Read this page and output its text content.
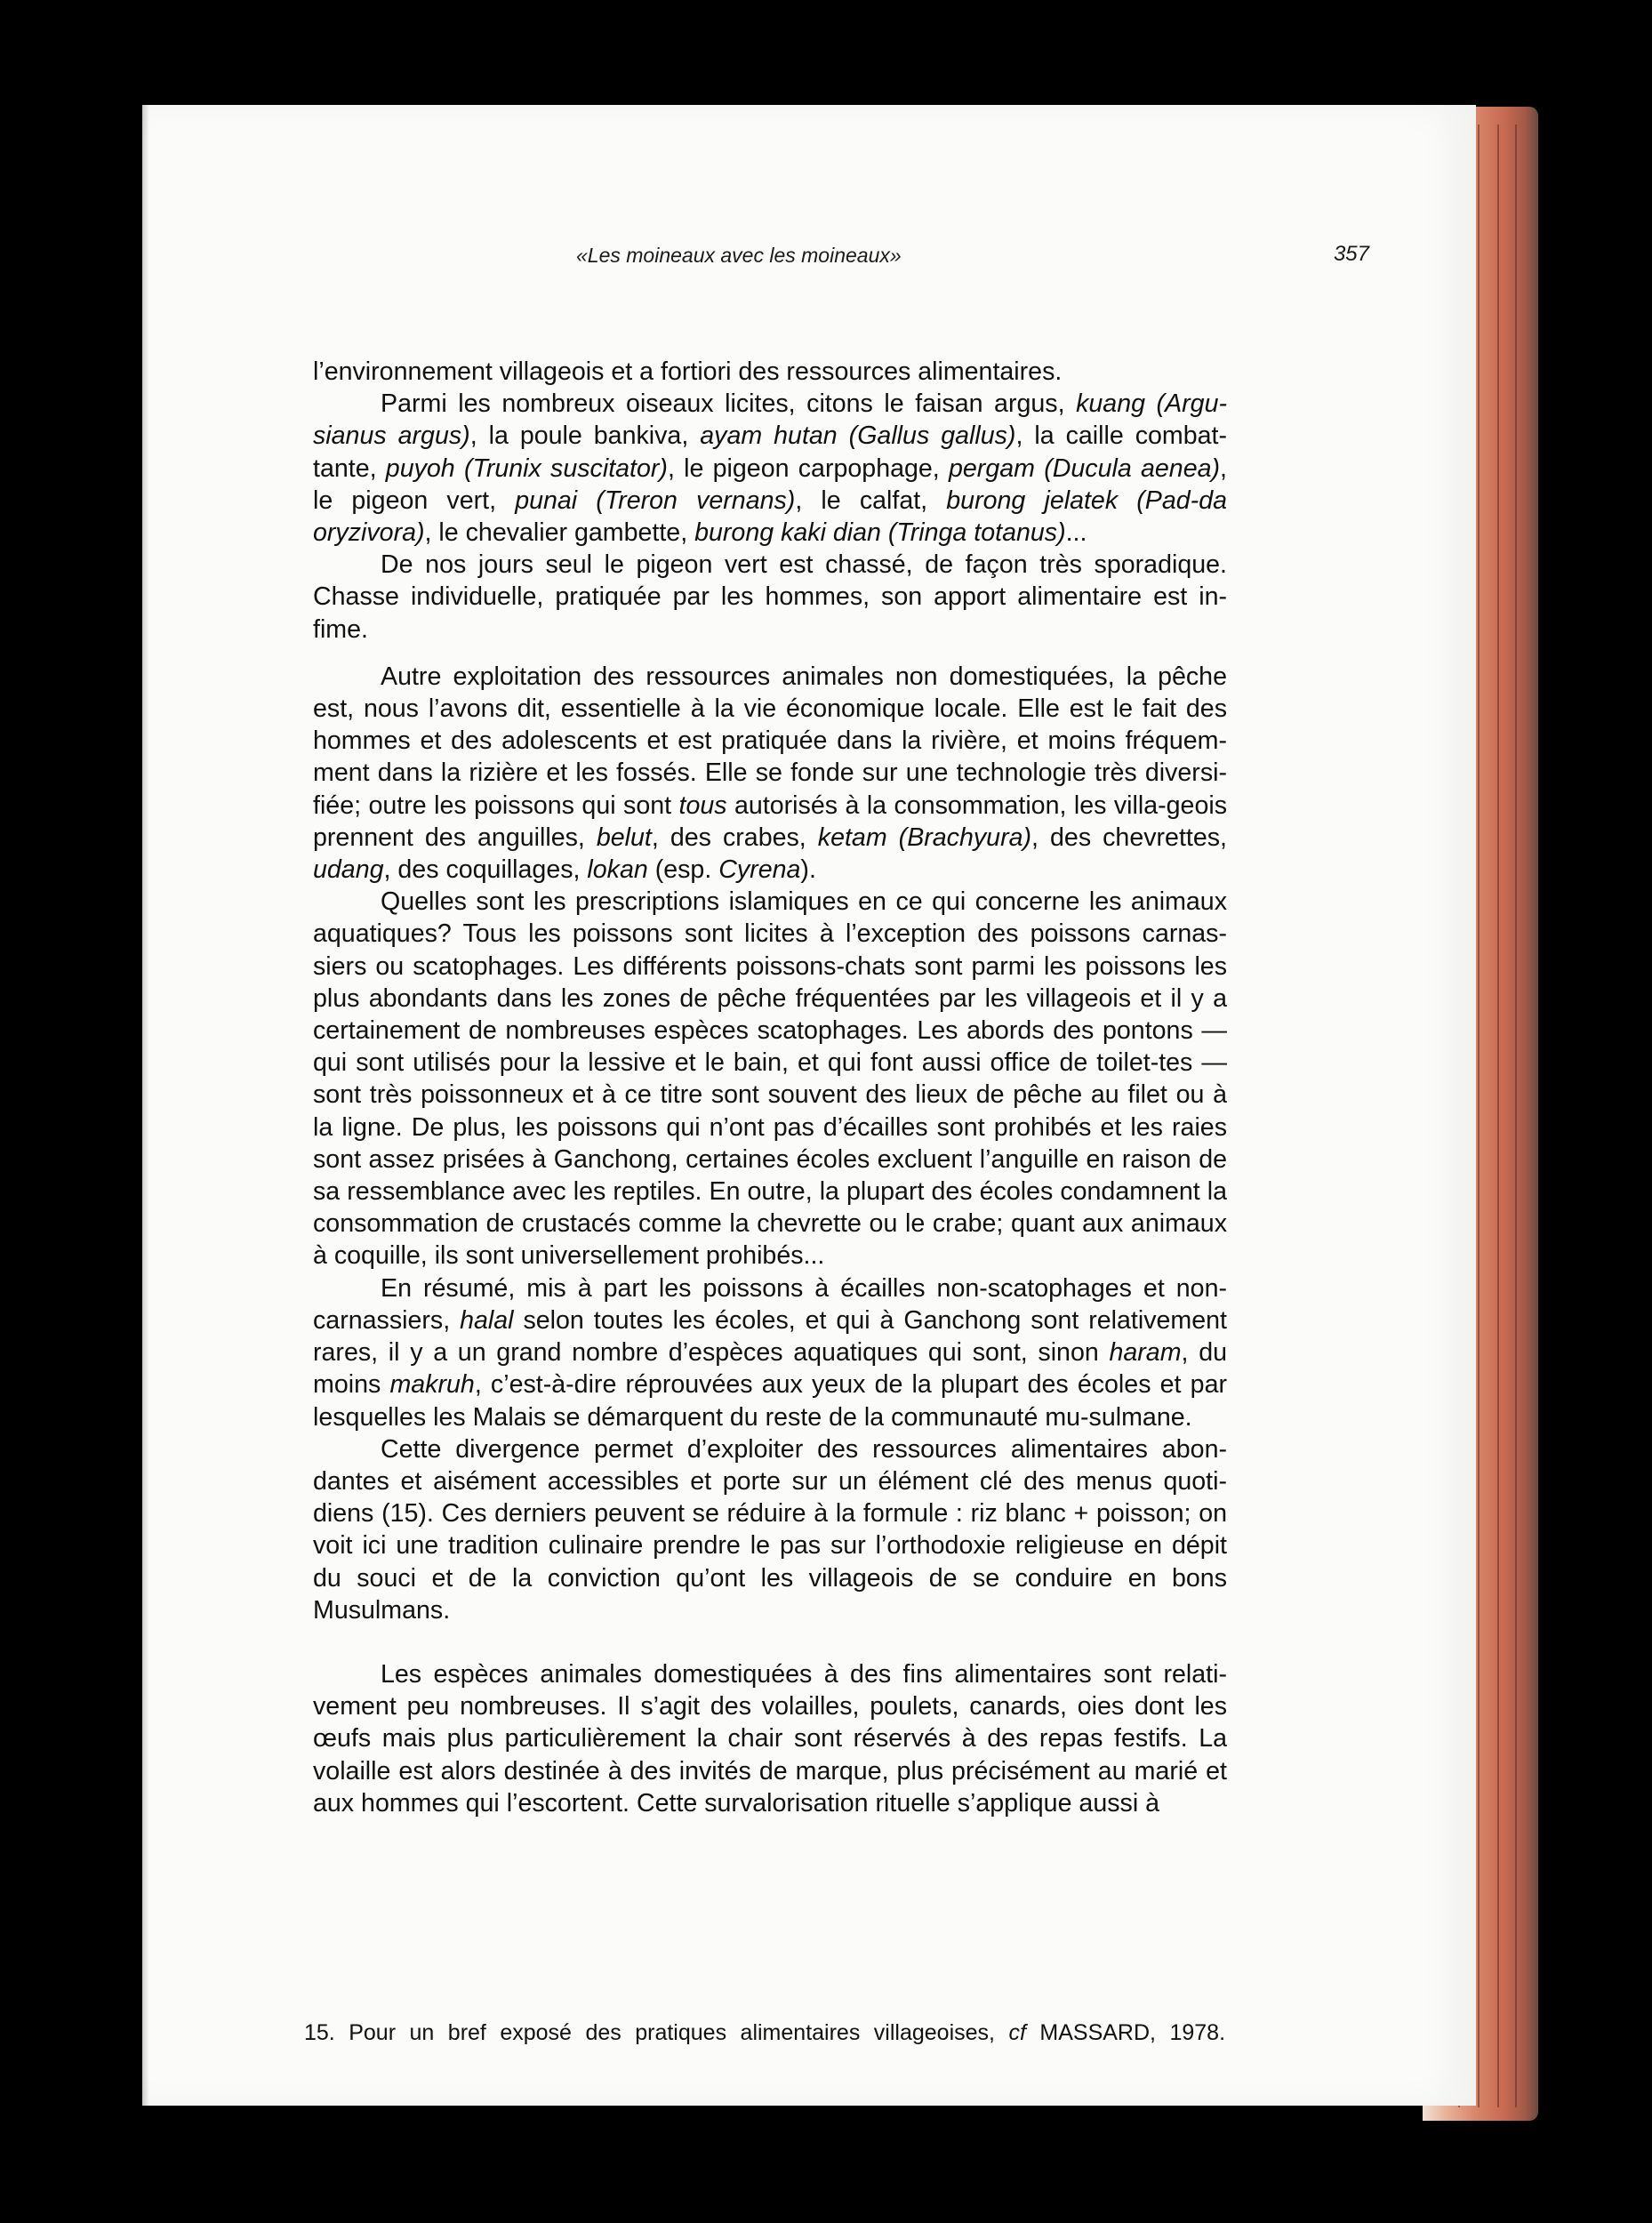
«Les moineaux avec les moineaux»	357

l’environnement villageois et a fortiori des ressources alimentaires.

Parmi les nombreux oiseaux licites, citons le faisan argus, kuang (Argu-sianus argus), la poule bankiva, ayam hutan (Gallus gallus), la caille combat-tante, puyoh (Trunix suscitator), le pigeon carpophage, pergam (Ducula aenea), le pigeon vert, punai (Treron vernans), le calfat, burong jelatek (Pad-da oryzivora), le chevalier gambette, burong kaki dian (Tringa totanus)...

De nos jours seul le pigeon vert est chassé, de façon très sporadique. Chasse individuelle, pratiquée par les hommes, son apport alimentaire est in-fime.

Autre exploitation des ressources animales non domestiquées, la pêche est, nous l’avons dit, essentielle à la vie économique locale. Elle est le fait des hommes et des adolescents et est pratiquée dans la rivière, et moins fréquem-ment dans la rizière et les fossés. Elle se fonde sur une technologie très diversi-fiée; outre les poissons qui sont tous autorisés à la consommation, les villa-geois prennent des anguilles, belut, des crabes, ketam (Brachyura), des chevrettes, udang, des coquillages, lokan (esp. Cyrena).

Quelles sont les prescriptions islamiques en ce qui concerne les animaux aquatiques? Tous les poissons sont licites à l’exception des poissons carnas-siers ou scatophages. Les différents poissons-chats sont parmi les poissons les plus abondants dans les zones de pêche fréquentées par les villageois et il y a certainement de nombreuses espèces scatophages. Les abords des pontons — qui sont utilisés pour la lessive et le bain, et qui font aussi office de toilet-tes — sont très poissonneux et à ce titre sont souvent des lieux de pêche au filet ou à la ligne. De plus, les poissons qui n’ont pas d’écailles sont prohibés et les raies sont assez prisées à Ganchong, certaines écoles excluent l’anguille en raison de sa ressemblance avec les reptiles. En outre, la plupart des écoles condamnent la consommation de crustacés comme la chevrette ou le crabe; quant aux animaux à coquille, ils sont universellement prohibés...

En résumé, mis à part les poissons à écailles non-scatophages et non-carnassiers, halal selon toutes les écoles, et qui à Ganchong sont relativement rares, il y a un grand nombre d’espèces aquatiques qui sont, sinon haram, du moins makruh, c’est-à-dire réprouvées aux yeux de la plupart des écoles et par lesquelles les Malais se démarquent du reste de la communauté mu-sulmane.

Cette divergence permet d’exploiter des ressources alimentaires abon-dantes et aisément accessibles et porte sur un élément clé des menus quoti-diens (15). Ces derniers peuvent se réduire à la formule : riz blanc + poisson; on voit ici une tradition culinaire prendre le pas sur l’orthodoxie religieuse en dépit du souci et de la conviction qu’ont les villageois de se conduire en bons Musulmans.

Les espèces animales domestiquées à des fins alimentaires sont relati-vement peu nombreuses. Il s’agit des volailles, poulets, canards, oies dont les œufs mais plus particulièrement la chair sont réservés à des repas festifs. La volaille est alors destinée à des invités de marque, plus précisément au marié et aux hommes qui l’escortent. Cette survalorisation rituelle s’applique aussi à

15. Pour un bref exposé des pratiques alimentaires villageoises, cf MASSARD, 1978.
